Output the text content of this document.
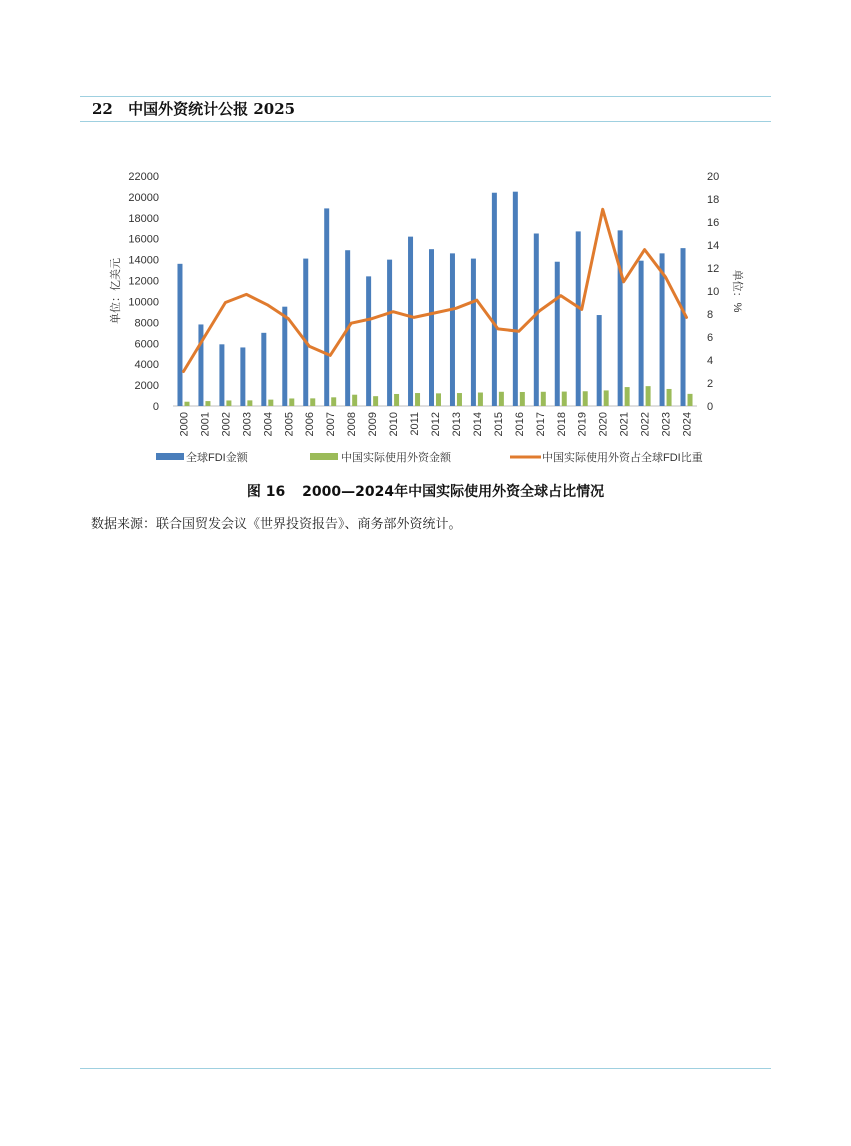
22 中国外资统计公报 2025
0
2000
4000
6000
8000
10000
12000
14000
16000
18000
20000
22000
0
2
4
6
8
10
12
14
16
18
20
单位：亿美元	单位：%
2000 2001 2002 2003 2004 2005 2006 2007 2008 2009 2010 2011 2012 2013 2014 2015 2016 2017 2018 2019 2020 2021 2022 2023 2024
全球FDI金额	中国实际使用外资金额	中国实际使用外资占全球FDI比重
图 16 2000—2024年中国实际使用外资全球占比情况
数据来源：联合国贸发会议《世界投资报告》、商务部外资统计。
